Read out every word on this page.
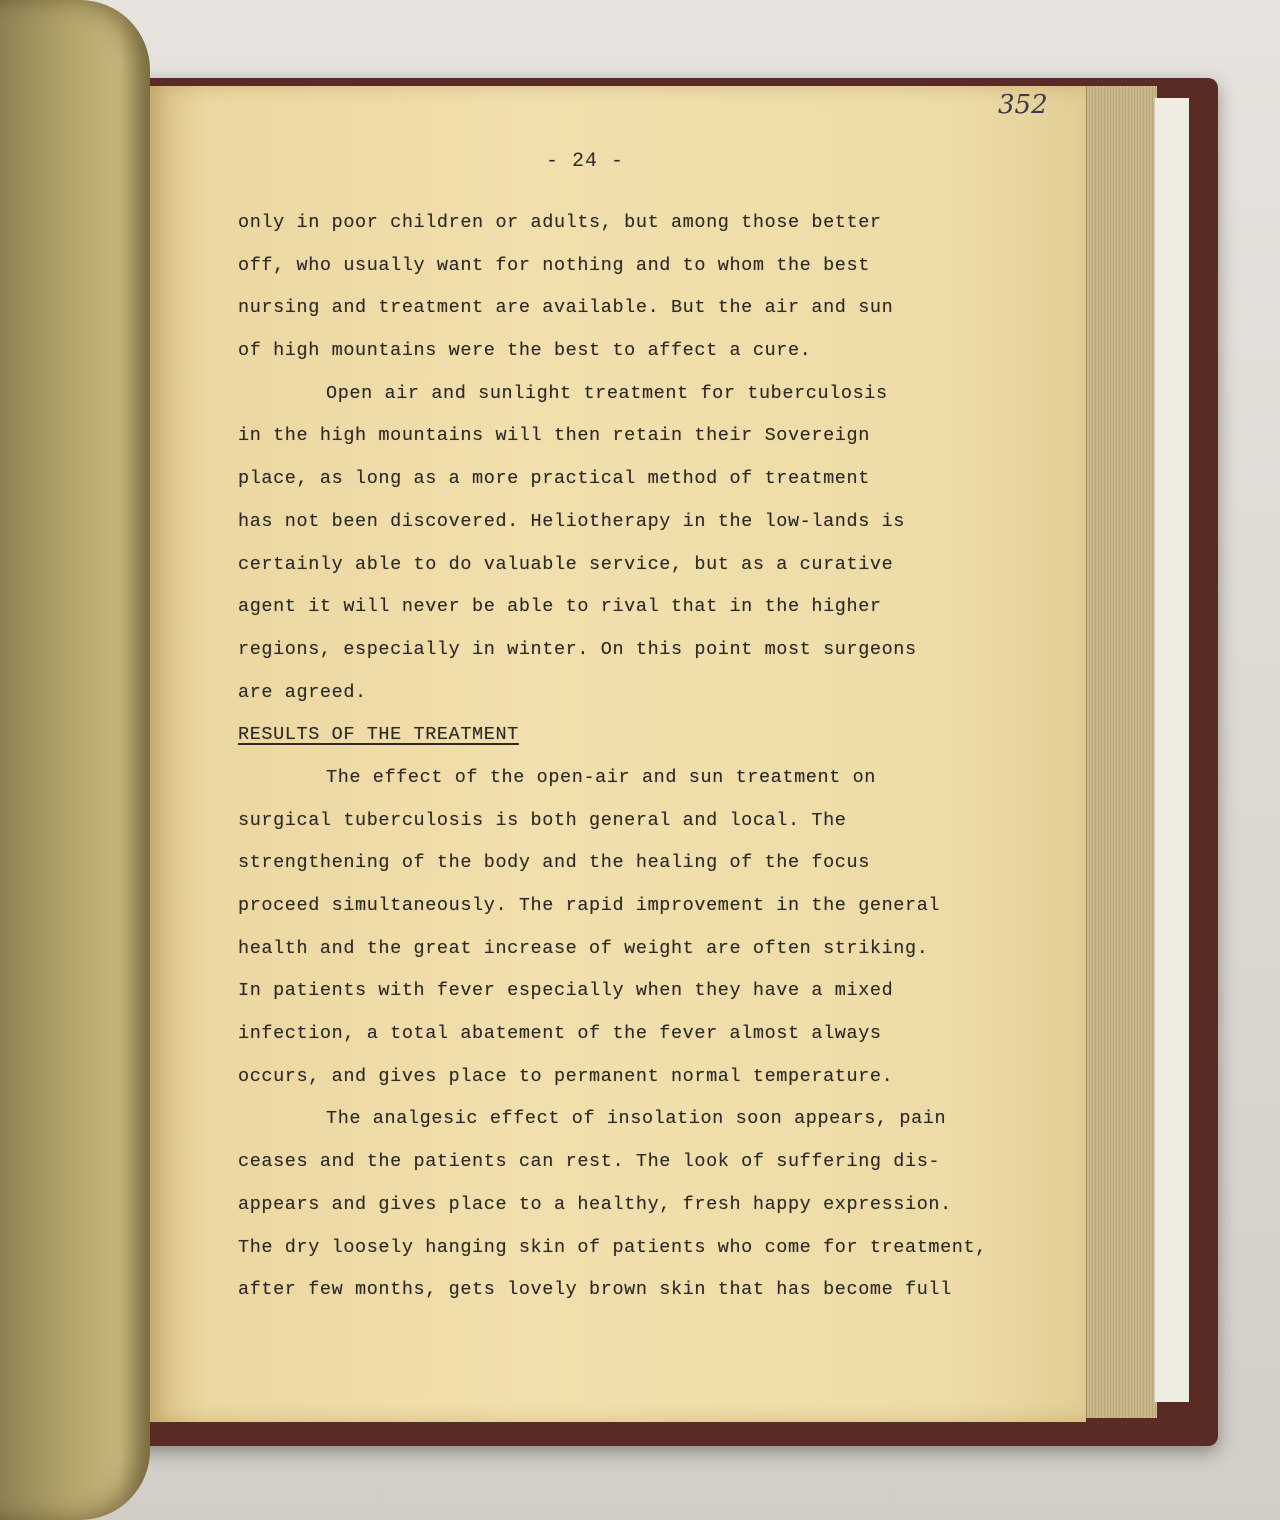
352
- 24 -
only in poor children or adults, but among those better
off, who usually want for nothing and to whom the best
nursing and treatment are available. But the air and sun
of high mountains were the best to affect a cure.
Open air and sunlight treatment for tuberculosis
in the high mountains will then retain their Sovereign
place, as long as a more practical method of treatment
has not been discovered. Heliotherapy in the low-lands is
certainly able to do valuable service, but as a curative
agent it will never be able to rival that in the higher
regions, especially in winter. On this point most surgeons
are agreed.
RESULTS OF THE TREATMENT
The effect of the open-air and sun treatment on
surgical tuberculosis is both general and local. The
strengthening of the body and the healing of the focus
proceed simultaneously. The rapid improvement in the general
health and the great increase of weight are often striking.
In patients with fever especially when they have a mixed
infection, a total abatement of the fever almost always
occurs, and gives place to permanent normal temperature.
The analgesic effect of insolation soon appears, pain
ceases and the patients can rest. The look of suffering dis-
appears and gives place to a healthy, fresh happy expression.
The dry loosely hanging skin of patients who come for treatment,
after few months, gets lovely brown skin that has become full
